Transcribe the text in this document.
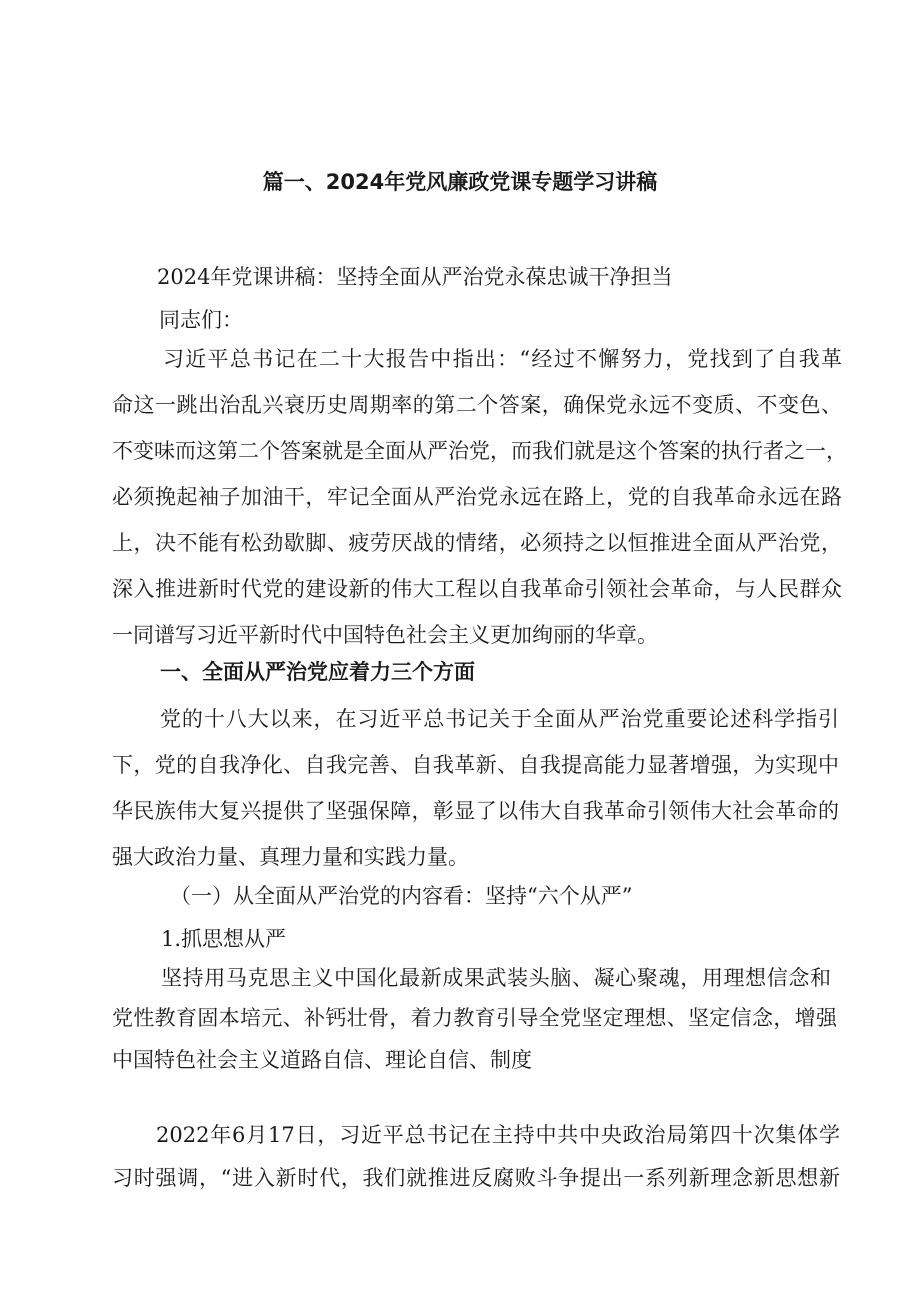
篇一、2024年党风廉政党课专题学习讲稿
2024年党课讲稿：坚持全面从严治党永葆忠诚干净担当
同志们：
习近平总书记在二十大报告中指出：“经过不懈努力，党找到了自我革
命这一跳出治乱兴衰历史周期率的第二个答案，确保党永远不变质、不变色、
不变味而这第二个答案就是全面从严治党，而我们就是这个答案的执行者之一，
必须挽起袖子加油干，牢记全面从严治党永远在路上，党的自我革命永远在路
上，决不能有松劲歇脚、疲劳厌战的情绪，必须持之以恒推进全面从严治党，
深入推进新时代党的建设新的伟大工程以自我革命引领社会革命，与人民群众
一同谱写习近平新时代中国特色社会主义更加绚丽的华章。
一、全面从严治党应着力三个方面
党的十八大以来，在习近平总书记关于全面从严治党重要论述科学指引
下，党的自我净化、自我完善、自我革新、自我提高能力显著增强，为实现中
华民族伟大复兴提供了坚强保障，彰显了以伟大自我革命引领伟大社会革命的
强大政治力量、真理力量和实践力量。
（一）从全面从严治党的内容看：坚持“六个从严”
1.抓思想从严
坚持用马克思主义中国化最新成果武装头脑、凝心聚魂，用理想信念和
党性教育固本培元、补钙壮骨，着力教育引导全党坚定理想、坚定信念，增强
中国特色社会主义道路自信、理论自信、制度
2022年6月17日，习近平总书记在主持中共中央政治局第四十次集体学
习时强调，“进入新时代，我们就推进反腐败斗争提出一系列新理念新思想新
